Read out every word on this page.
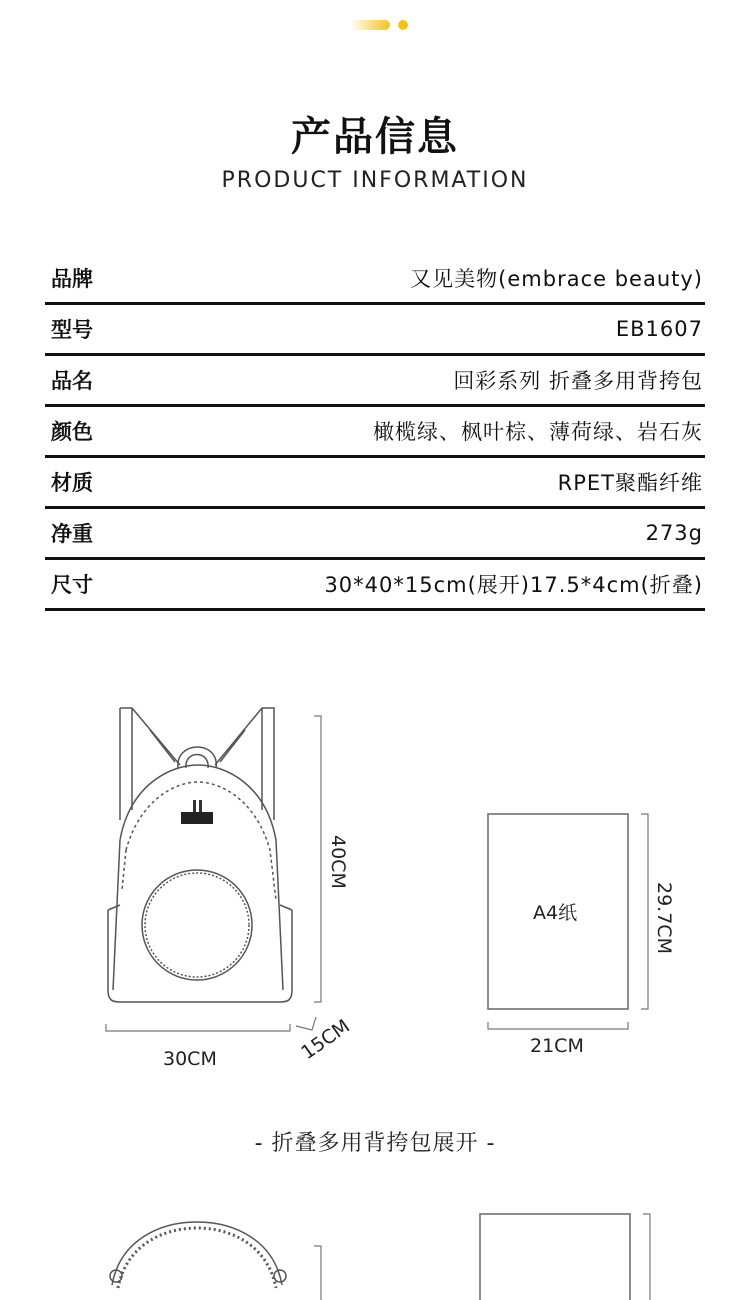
产品信息
PRODUCT INFORMATION
品牌	又见美物(embrace beauty)
型号	EB1607
品名	回彩系列 折叠多用背挎包
颜色	橄榄绿、枫叶棕、薄荷绿、岩石灰
材质	RPET聚酯纤维
净重	273g
尺寸	30*40*15cm(展开)17.5*4cm(折叠)
40CM
30CM	15CM
A4纸	29.7CM
21CM
- 折叠多用背挎包展开 -
